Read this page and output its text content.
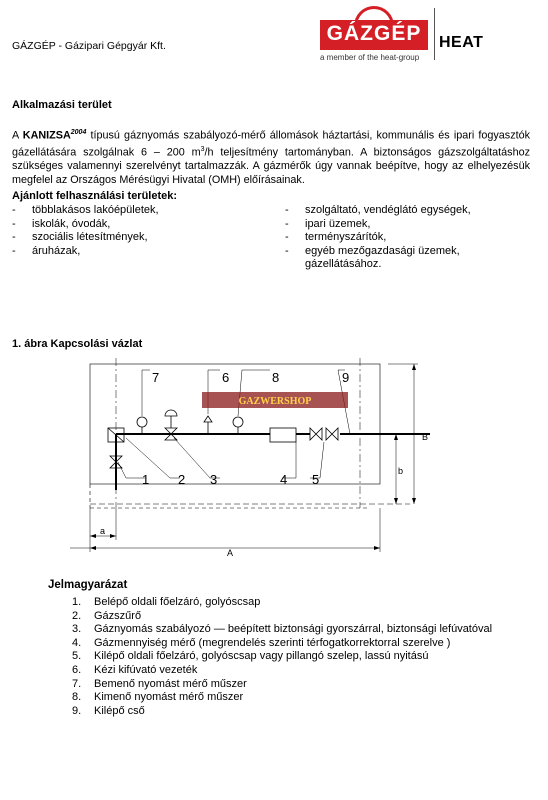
GÁZGÉP - Gázipari Gépgyár Kft.
GÁZGÉP
a member of the heat-group
HEAT
Alkalmazási terület
A $KANIZSA^{2004}$ típusú gáznyomás szabályozó-mérő állomások háztartási, kommunális és ipari fogyasztók gázellátására szolgálnak 6 – 200 $m^3/h$ teljesítmény tartományban. A biztonságos gázszolgáltatáshoz szükséges valamennyi szerelvényt tartalmazzák. A gázmérők úgy vannak beépítve, hogy az elhelyezésük megfelel az Országos Mérésügyi Hivatal (OMH) előírásainak.
Ajánlott felhasználási területek:
- többlakásos lakóépületek,
- iskolák, óvodák,
- szociális létesítmények,
- áruházak,
- szolgáltató, vendéglátó egységek,
- ipari üzemek,
- terményszárítók,
- egyéb mezőgazdasági üzemek,
gázellátásához.
1. ábra Kapcsolási vázlat
GAZWERSHOP
7	6	8	9
1 2 3	4 5
A
B
a
b
Jelmagyarázat
1.	Belépő oldali főelzáró, golyóscsap
2.	Gázszűrő
3.	Gáznyomás szabályozó — beépített biztonsági gyorszárral, biztonsági lefúvatóval
4.	Gázmennyiség mérő (megrendelés szerinti térfogatkorrektorral szerelve )
5.	Kilépő oldali főelzáró, golyóscsap vagy pillangó szelep, lassú nyitású
6.	Kézi kifúvató vezeték
7.	Bemenő nyomást mérő műszer
8.	Kimenő nyomást mérő műszer
9.	Kilépő cső
